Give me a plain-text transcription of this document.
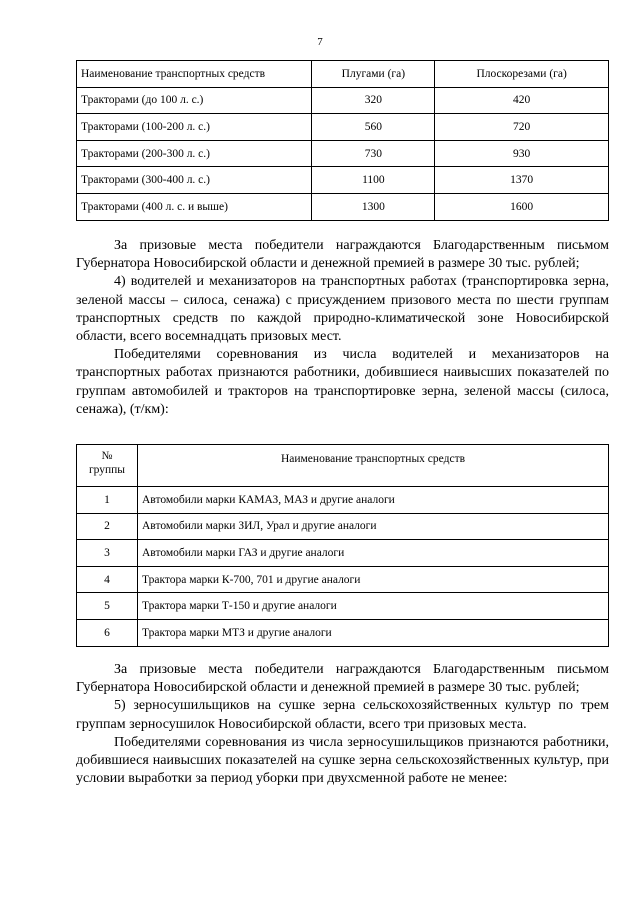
7
Наименование транспортных средств	Плугами (га)	Плоскорезами (га)
Тракторами (до 100 л. с.)	320	420
Тракторами (100-200 л. с.)	560	720
Тракторами (200-300 л. с.)	730	930
Тракторами (300-400 л. с.)	1100	1370
Тракторами (400 л. с. и выше)	1300	1600

За призовые места победители награждаются Благодарственным письмом Губернатора Новосибирской области и денежной премией в размере 30 тыс. рублей;

4) водителей и механизаторов на транспортных работах (транспортировка зерна, зеленой массы – силоса, сенажа) с присуждением призового места по шести группам транспортных средств по каждой природно-климатической зоне Новосибирской области, всего восемнадцать призовых мест.

Победителями соревнования из числа водителей и механизаторов на транспортных работах признаются работники, добившиеся наивысших показателей по группам автомобилей и тракторов на транспортировке зерна, зеленой массы (силоса, сенажа), (т/км):

№
группы	Наименование транспортных средств
1	Автомобили марки КАМАЗ, МАЗ и другие аналоги
2	Автомобили марки ЗИЛ, Урал и другие аналоги
3	Автомобили марки ГАЗ и другие аналоги
4	Трактора марки К-700, 701 и другие аналоги
5	Трактора марки Т-150 и другие аналоги
6	Трактора марки МТЗ и другие аналоги

За призовые места победители награждаются Благодарственным письмом Губернатора Новосибирской области и денежной премией в размере 30 тыс. рублей;

5) зерносушильщиков на сушке зерна сельскохозяйственных культур по трем группам зерносушилок Новосибирской области, всего три призовых места.

Победителями соревнования из числа зерносушильщиков признаются работники, добившиеся наивысших показателей на сушке зерна сельскохозяйственных культур, при условии выработки за период уборки при двухсменной работе не менее:
